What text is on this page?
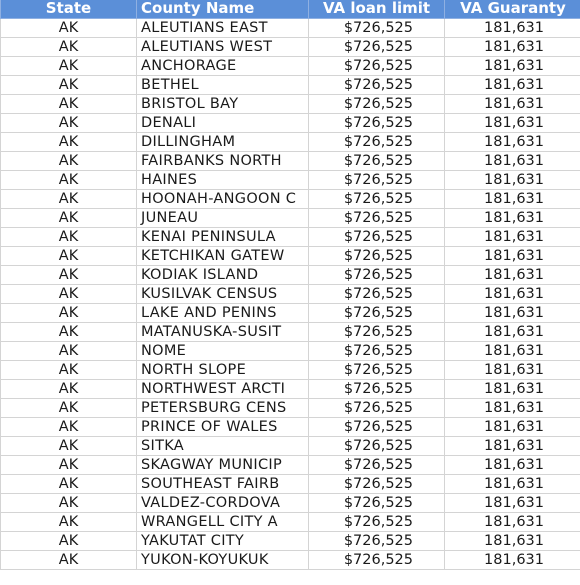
State	County Name	VA loan limit	VA Guaranty
AK	ALEUTIANS EAST	$726,525	181,631
AK	ALEUTIANS WEST	$726,525	181,631
AK	ANCHORAGE	$726,525	181,631
AK	BETHEL	$726,525	181,631
AK	BRISTOL BAY	$726,525	181,631
AK	DENALI	$726,525	181,631
AK	DILLINGHAM	$726,525	181,631
AK	FAIRBANKS NORTH	$726,525	181,631
AK	HAINES	$726,525	181,631
AK	HOONAH-ANGOON C	$726,525	181,631
AK	JUNEAU	$726,525	181,631
AK	KENAI PENINSULA	$726,525	181,631
AK	KETCHIKAN GATEW	$726,525	181,631
AK	KODIAK ISLAND	$726,525	181,631
AK	KUSILVAK CENSUS	$726,525	181,631
AK	LAKE AND PENINS	$726,525	181,631
AK	MATANUSKA-SUSIT	$726,525	181,631
AK	NOME	$726,525	181,631
AK	NORTH SLOPE	$726,525	181,631
AK	NORTHWEST ARCTI	$726,525	181,631
AK	PETERSBURG CENS	$726,525	181,631
AK	PRINCE OF WALES	$726,525	181,631
AK	SITKA	$726,525	181,631
AK	SKAGWAY MUNICIP	$726,525	181,631
AK	SOUTHEAST FAIRB	$726,525	181,631
AK	VALDEZ-CORDOVA	$726,525	181,631
AK	WRANGELL CITY A	$726,525	181,631
AK	YAKUTAT CITY	$726,525	181,631
AK	YUKON-KOYUKUK	$726,525	181,631
